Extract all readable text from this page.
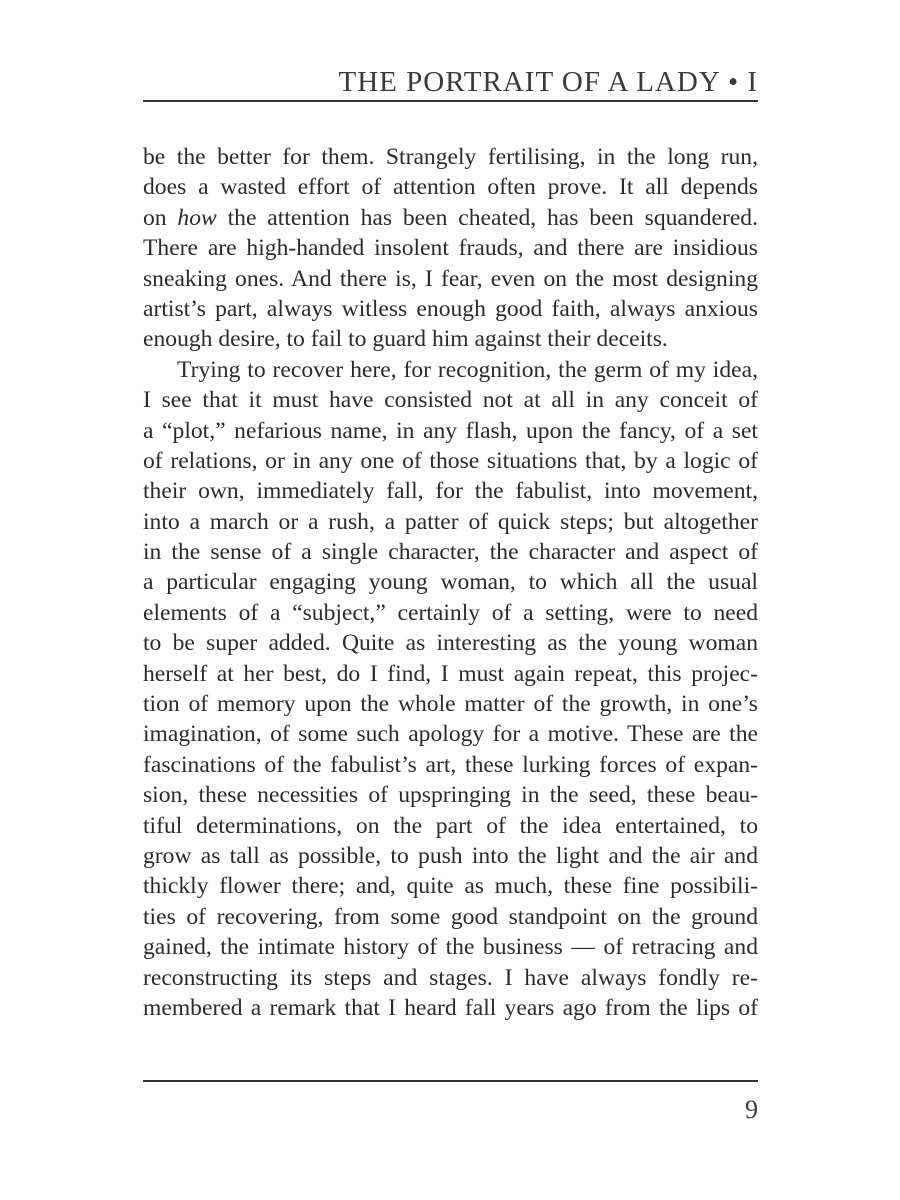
THE PORTRAIT OF A LADY • I
be the better for them. Strangely fertilising, in the long run,
does a wasted effort of attention often prove. It all depends
on how the attention has been cheated, has been squandered.
There are high-handed insolent frauds, and there are insidious
sneaking ones. And there is, I fear, even on the most designing
artist’s part, always witless enough good faith, always anxious
enough desire, to fail to guard him against their deceits.
Trying to recover here, for recognition, the germ of my idea,
I see that it must have consisted not at all in any conceit of
a “plot,” nefarious name, in any flash, upon the fancy, of a set
of relations, or in any one of those situations that, by a logic of
their own, immediately fall, for the fabulist, into movement,
into a march or a rush, a patter of quick steps; but altogether
in the sense of a single character, the character and aspect of
a particular engaging young woman, to which all the usual
elements of a “subject,” certainly of a setting, were to need
to be super added. Quite as interesting as the young woman
herself at her best, do I find, I must again repeat, this projec-
tion of memory upon the whole matter of the growth, in one’s
imagination, of some such apology for a motive. These are the
fascinations of the fabulist’s art, these lurking forces of expan-
sion, these necessities of upspringing in the seed, these beau-
tiful determinations, on the part of the idea entertained, to
grow as tall as possible, to push into the light and the air and
thickly flower there; and, quite as much, these fine possibili-
ties of recovering, from some good standpoint on the ground
gained, the intimate history of the business — of retracing and
reconstructing its steps and stages. I have always fondly re-
membered a remark that I heard fall years ago from the lips of
9
